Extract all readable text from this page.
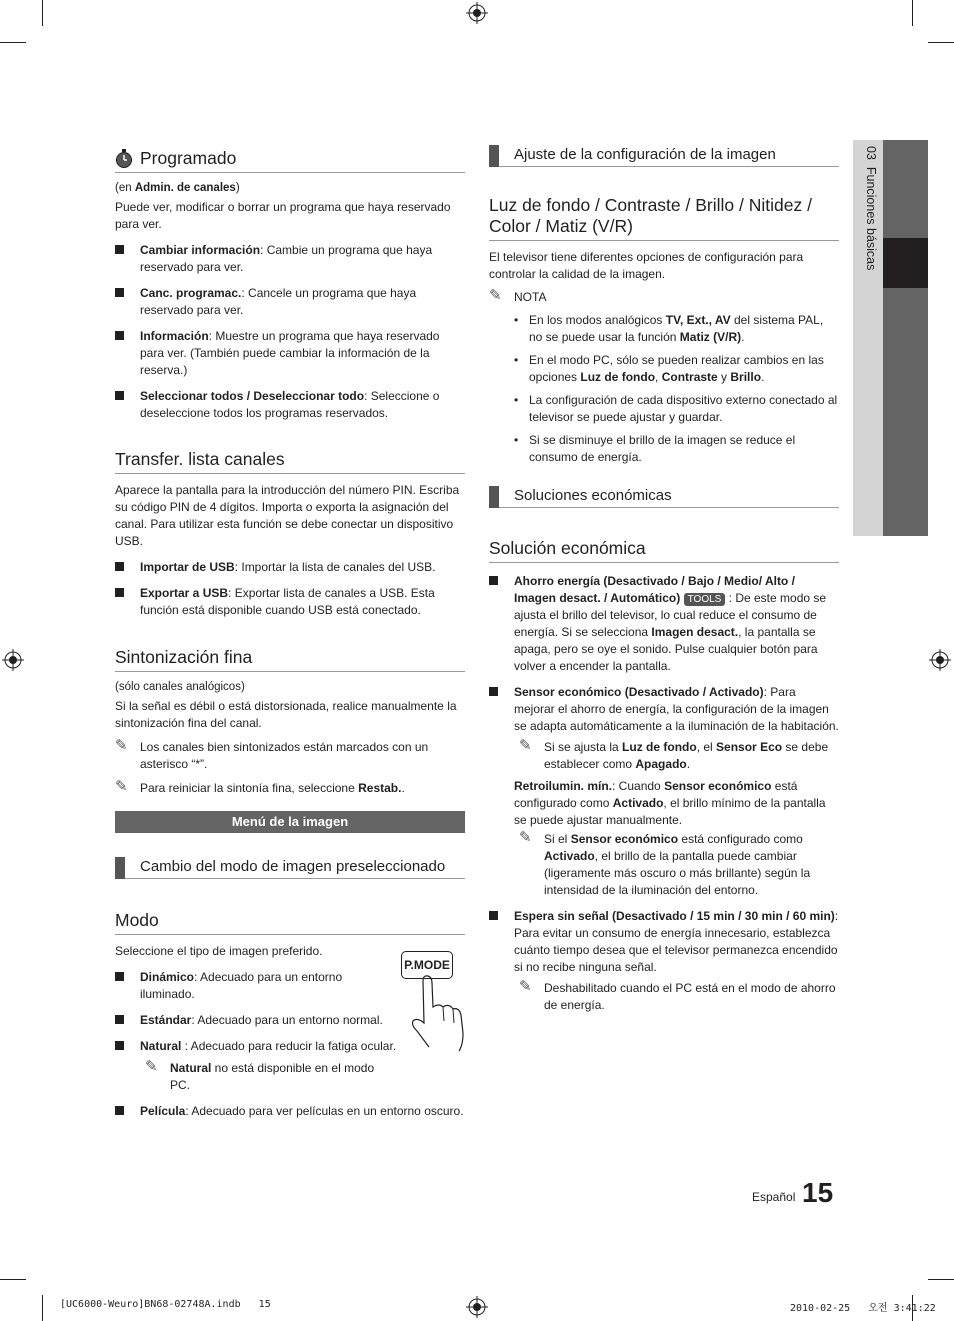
03  Funciones básicas
Programado

(en Admin. de canales)

Puede ver, modificar o borrar un programa que haya reservado para ver.

Cambiar información: Cambie un programa que haya reservado para ver.
Canc. programac.: Cancele un programa que haya reservado para ver.
Información: Muestre un programa que haya reservado para ver. (También puede cambiar la información de la reserva.)
Seleccionar todos / Deseleccionar todo: Seleccione o deseleccione todos los programas reservados.
Transfer. lista canales

Aparece la pantalla para la introducción del número PIN. Escriba su código PIN de 4 dígitos. Importa o exporta la asignación del canal. Para utilizar esta función se debe conectar un dispositivo USB.

Importar de USB: Importar la lista de canales del USB.
Exportar a USB: Exportar lista de canales a USB. Esta función está disponible cuando USB está conectado.
Sintonización fina

(sólo canales analógicos)

Si la señal es débil o está distorsionada, realice manualmente la sintonización fina del canal.

✎ Los canales bien sintonizados están marcados con un asterisco “*”.
✎ Para reiniciar la sintonía fina, seleccione Restab..
Menú de la imagen
Cambio del modo de imagen preseleccionado
Modo
P.MODE

Seleccione el tipo de imagen preferido.

Dinámico: Adecuado para un entorno iluminado.
Estándar: Adecuado para un entorno normal.
Natural : Adecuado para reducir la fatiga ocular.
✎ Natural no está disponible en el modo PC.
Película: Adecuado para ver películas en un entorno oscuro.
Ajuste de la configuración de la imagen
Luz de fondo / Contraste / Brillo / Nitidez / Color / Matiz (V/R)

El televisor tiene diferentes opciones de configuración para controlar la calidad de la imagen.

✎ NOTA
• En los modos analógicos TV, Ext., AV del sistema PAL, no se puede usar la función Matiz (V/R).
• En el modo PC, sólo se pueden realizar cambios en las opciones Luz de fondo, Contraste y Brillo.
• La configuración de cada dispositivo externo conectado al televisor se puede ajustar y guardar.
• Si se disminuye el brillo de la imagen se reduce el consumo de energía.
Soluciones económicas
Solución económica
Ahorro energía (Desactivado / Bajo / Medio/ Alto / Imagen desact. / Automático) TOOLS : De este modo se ajusta el brillo del televisor, lo cual reduce el consumo de energía. Si se selecciona Imagen desact., la pantalla se apaga, pero se oye el sonido. Pulse cualquier botón para volver a encender la pantalla.
Sensor económico (Desactivado / Activado): Para mejorar el ahorro de energía, la configuración de la imagen se adapta automáticamente a la iluminación de la habitación.
✎ Si se ajusta la Luz de fondo, el Sensor Eco se debe establecer como Apagado.

Retroilumin. mín.: Cuando Sensor económico está configurado como Activado, el brillo mínimo de la pantalla se puede ajustar manualmente.

✎ Si el Sensor económico está configurado como Activado, el brillo de la pantalla puede cambiar (ligeramente más oscuro o más brillante) según la intensidad de la iluminación del entorno.
Espera sin señal (Desactivado / 15 min / 30 min / 60 min): Para evitar un consumo de energía innecesario, establezca cuánto tiempo desea que el televisor permanezca encendido si no recibe ninguna señal.
✎ Deshabilitado cuando el PC está en el modo de ahorro de energía.
Español 15
[UC6000-Weuro]BN68-02748A.indb   15	2010-02-25   오전 3:41:22
